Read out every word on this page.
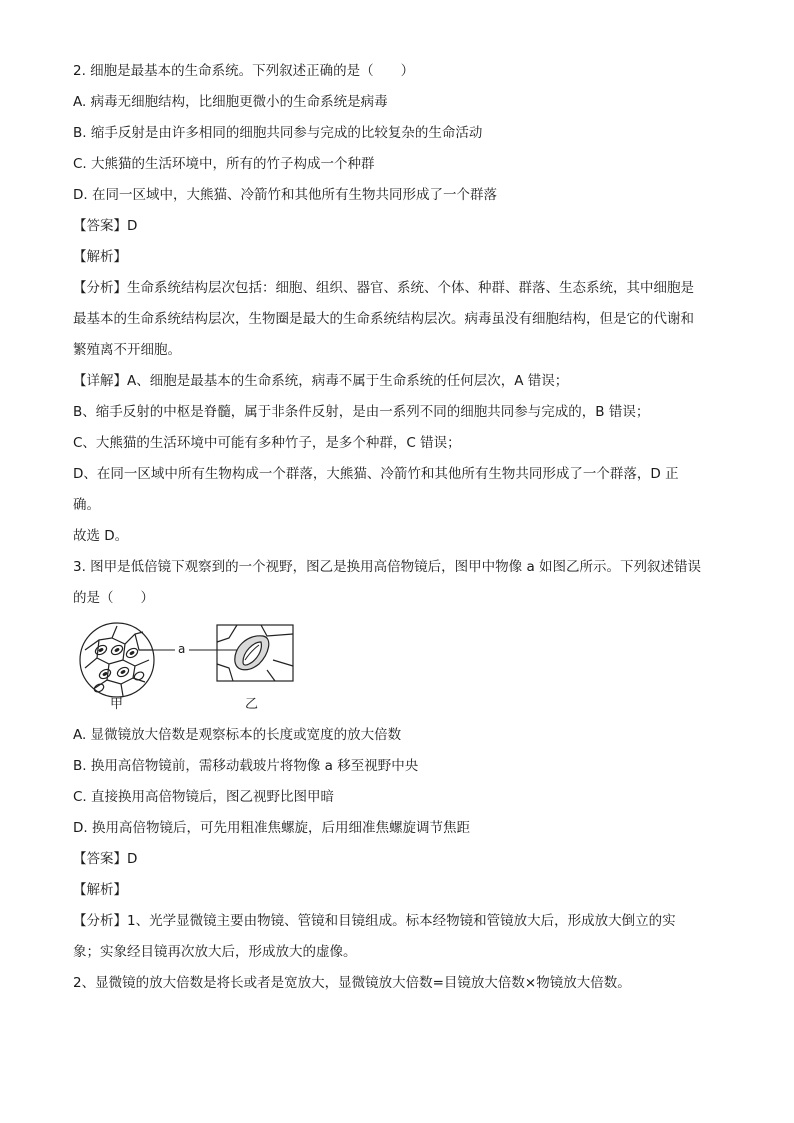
2. 细胞是最基本的生命系统。下列叙述正确的是（　　）
A. 病毒无细胞结构，比细胞更微小的生命系统是病毒
B. 缩手反射是由许多相同的细胞共同参与完成的比较复杂的生命活动
C. 大熊猫的生活环境中，所有的竹子构成一个种群
D. 在同一区域中，大熊猫、冷箭竹和其他所有生物共同形成了一个群落
【答案】D
【解析】
【分析】生命系统结构层次包括：细胞、组织、器官、系统、个体、种群、群落、生态系统，其中细胞是
最基本的生命系统结构层次，生物圈是最大的生命系统结构层次。病毒虽没有细胞结构，但是它的代谢和
繁殖离不开细胞。
【详解】A、细胞是最基本的生命系统，病毒不属于生命系统的任何层次，A 错误；
B、缩手反射的中枢是脊髓，属于非条件反射，是由一系列不同的细胞共同参与完成的，B 错误；
C、大熊猫的生活环境中可能有多种竹子，是多个种群，C 错误；
D、在同一区域中所有生物构成一个群落，大熊猫、冷箭竹和其他所有生物共同形成了一个群落，D 正
确。
故选 D。
3. 图甲是低倍镜下观察到的一个视野，图乙是换用高倍物镜后，图甲中物像 a 如图乙所示。下列叙述错误
的是（　　）
a
甲	乙
A. 显微镜放大倍数是观察标本的长度或宽度的放大倍数
B. 换用高倍物镜前，需移动载玻片将物像 a 移至视野中央
C. 直接换用高倍物镜后，图乙视野比图甲暗
D. 换用高倍物镜后，可先用粗准焦螺旋，后用细准焦螺旋调节焦距
【答案】D
【解析】
【分析】1、光学显微镜主要由物镜、管镜和目镜组成。标本经物镜和管镜放大后，形成放大倒立的实
象；实象经目镜再次放大后，形成放大的虚像。
2、显微镜的放大倍数是将长或者是宽放大，显微镜放大倍数=目镜放大倍数×物镜放大倍数。
